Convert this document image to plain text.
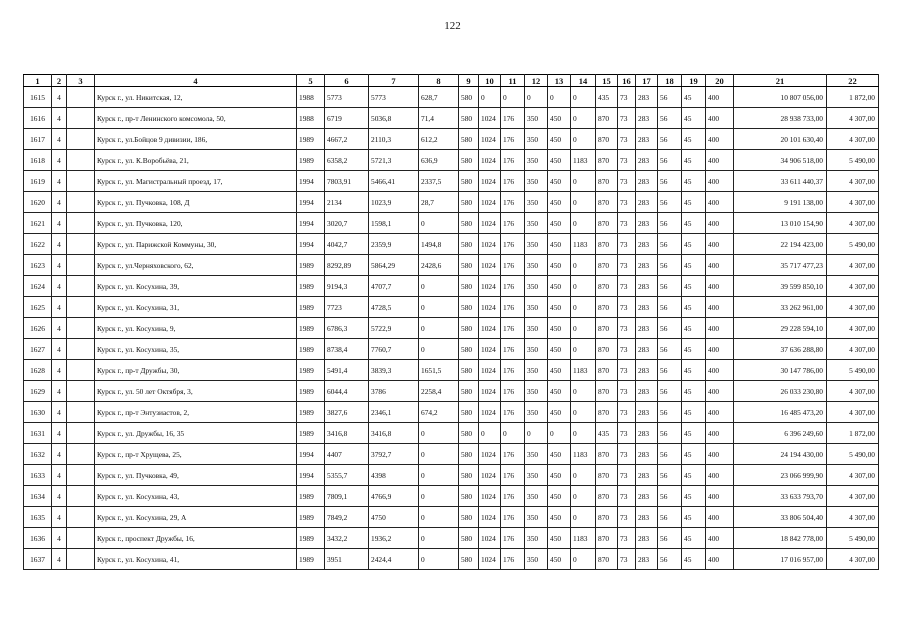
122
1	2	3	4	5	6	7	8	9	10	11	12	13	14	15	16	17	18	19	20	21	22
1615	4		Курск г., ул. Никитская, 12,	1988	5773	5773	628,7	580	0	0	0	0	0	435	73	283	56	45	400	10 807 056,00	1 872,00
1616	4		Курск г., пр-т Ленинского комсомола, 50,	1988	6719	5036,8	71,4	580	1024	176	350	450	0	870	73	283	56	45	400	28 938 733,00	4 307,00
1617	4		Курск г., ул.Бойцов 9 дивизии, 186,	1989	4667,2	2110,3	612,2	580	1024	176	350	450	0	870	73	283	56	45	400	20 101 630,40	4 307,00
1618	4		Курск г., ул. К.Воробьёва, 21,	1989	6358,2	5721,3	636,9	580	1024	176	350	450	1183	870	73	283	56	45	400	34 906 518,00	5 490,00
1619	4		Курск г., ул. Магистральный проезд, 17,	1994	7803,91	5466,41	2337,5	580	1024	176	350	450	0	870	73	283	56	45	400	33 611 440,37	4 307,00
1620	4		Курск г., ул. Пучковка, 108, Д	1994	2134	1023,9	28,7	580	1024	176	350	450	0	870	73	283	56	45	400	9 191 138,00	4 307,00
1621	4		Курск г., ул. Пучковка, 120,	1994	3020,7	1598,1	0	580	1024	176	350	450	0	870	73	283	56	45	400	13 010 154,90	4 307,00
1622	4		Курск г., ул. Парижской Коммуны, 30,	1994	4042,7	2359,9	1494,8	580	1024	176	350	450	1183	870	73	283	56	45	400	22 194 423,00	5 490,00
1623	4		Курск г., ул.Черняховского, 62,	1989	8292,89	5864,29	2428,6	580	1024	176	350	450	0	870	73	283	56	45	400	35 717 477,23	4 307,00
1624	4		Курск г., ул. Косухина, 39,	1989	9194,3	4707,7	0	580	1024	176	350	450	0	870	73	283	56	45	400	39 599 850,10	4 307,00
1625	4		Курск г., ул. Косухина, 31,	1989	7723	4728,5	0	580	1024	176	350	450	0	870	73	283	56	45	400	33 262 961,00	4 307,00
1626	4		Курск г., ул. Косухина, 9,	1989	6786,3	5722,9	0	580	1024	176	350	450	0	870	73	283	56	45	400	29 228 594,10	4 307,00
1627	4		Курск г., ул. Косухина, 35,	1989	8738,4	7760,7	0	580	1024	176	350	450	0	870	73	283	56	45	400	37 636 288,80	4 307,00
1628	4		Курск г., пр-т Дружбы, 30,	1989	5491,4	3839,3	1651,5	580	1024	176	350	450	1183	870	73	283	56	45	400	30 147 786,00	5 490,00
1629	4		Курск г., ул. 50 лет Октября, 3,	1989	6044,4	3786	2258,4	580	1024	176	350	450	0	870	73	283	56	45	400	26 033 230,80	4 307,00
1630	4		Курск г., пр-т Энтузиастов, 2,	1989	3827,6	2346,1	674,2	580	1024	176	350	450	0	870	73	283	56	45	400	16 485 473,20	4 307,00
1631	4		Курск г., ул. Дружбы, 16, 35	1989	3416,8	3416,8	0	580	0	0	0	0	0	435	73	283	56	45	400	6 396 249,60	1 872,00
1632	4		Курск г., пр-т Хрущева, 25,	1994	4407	3792,7	0	580	1024	176	350	450	1183	870	73	283	56	45	400	24 194 430,00	5 490,00
1633	4		Курск г., ул. Пучковка, 49,	1994	5355,7	4398	0	580	1024	176	350	450	0	870	73	283	56	45	400	23 066 999,90	4 307,00
1634	4		Курск г., ул. Косухина, 43,	1989	7809,1	4766,9	0	580	1024	176	350	450	0	870	73	283	56	45	400	33 633 793,70	4 307,00
1635	4		Курск г., ул. Косухина, 29, А	1989	7849,2	4750	0	580	1024	176	350	450	0	870	73	283	56	45	400	33 806 504,40	4 307,00
1636	4		Курск г., проспект Дружбы, 16,	1989	3432,2	1936,2	0	580	1024	176	350	450	1183	870	73	283	56	45	400	18 842 778,00	5 490,00
1637	4		Курск г., ул. Косухина, 41,	1989	3951	2424,4	0	580	1024	176	350	450	0	870	73	283	56	45	400	17 016 957,00	4 307,00
